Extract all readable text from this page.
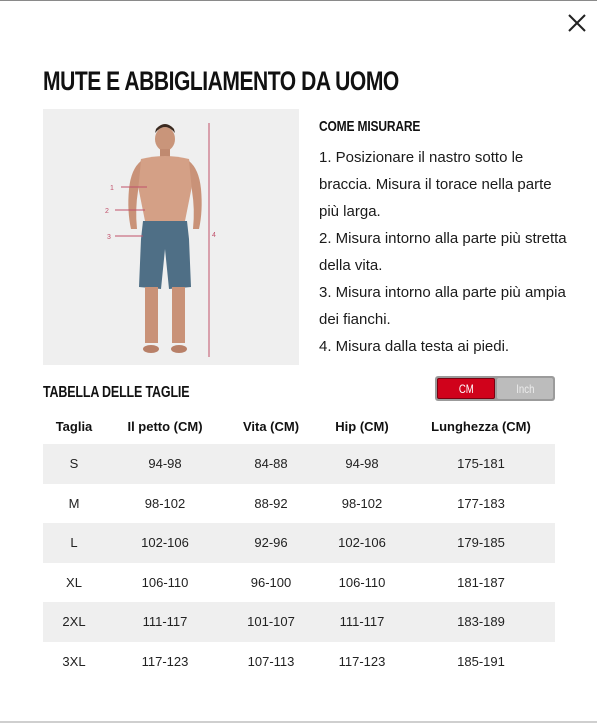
MUTE E ABBIGLIAMENTO DA UOMO
4
1
2
3
COME MISURARE
1. Posizionare il nastro sotto le braccia. Misura il torace nella parte più larga.
2. Misura intorno alla parte più stretta della vita.
3. Misura intorno alla parte più ampia dei fianchi.
4. Misura dalla testa ai piedi.
TABELLA DELLE TAGLIE	CM	Inch
Taglia	Il petto (CM)	Vita (CM)	Hip (CM)	Lunghezza (CM)
S	94-98	84-88	94-98	175-181
M	98-102	88-92	98-102	177-183
L	102-106	92-96	102-106	179-185
XL	106-110	96-100	106-110	181-187
2XL	111-117	101-107	111-117	183-189
3XL	117-123	107-113	117-123	185-191
